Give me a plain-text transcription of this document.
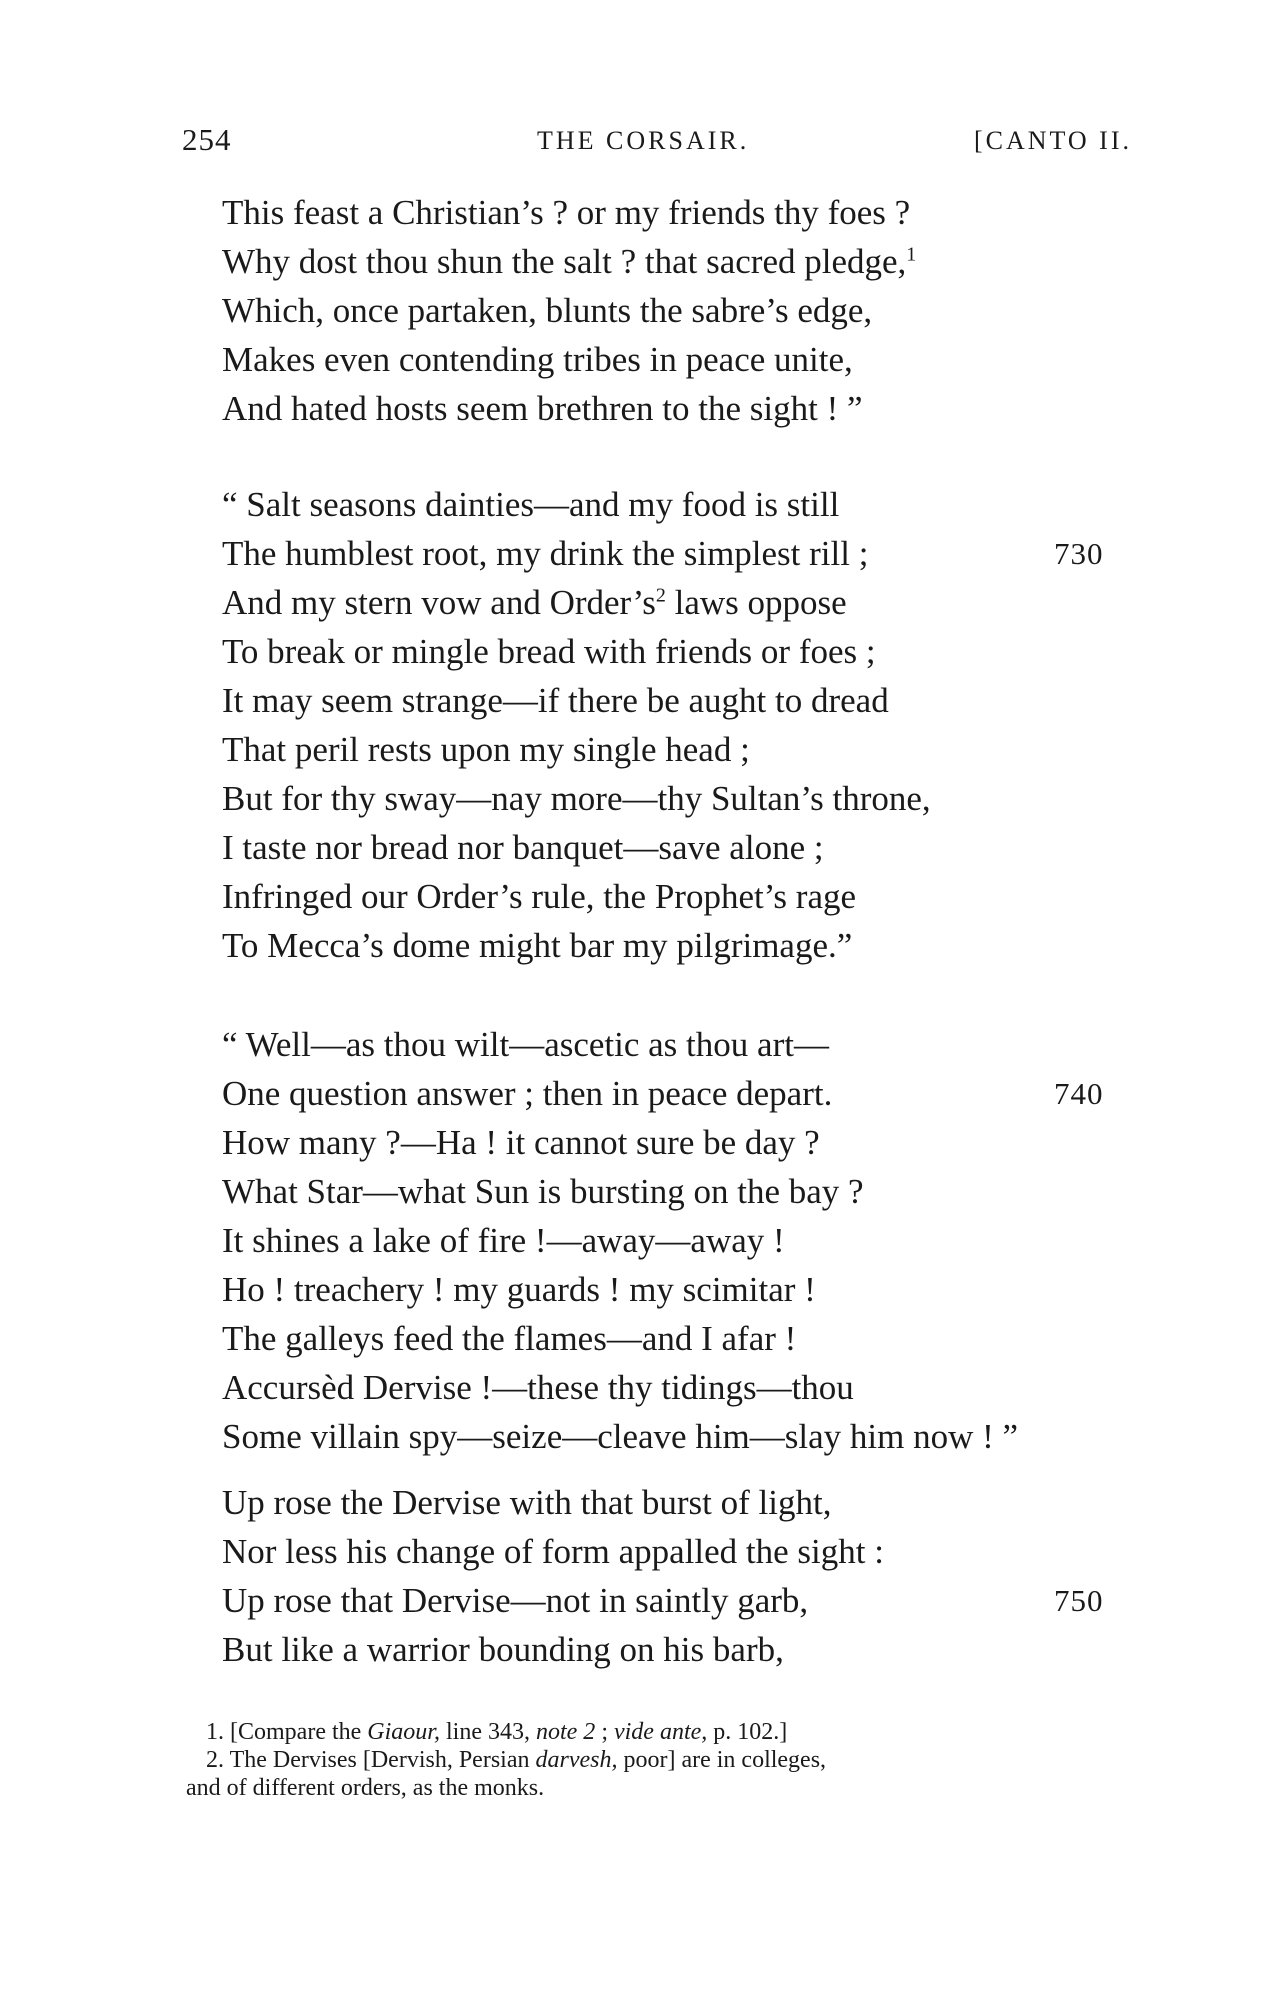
254	THE CORSAIR.	[CANTO II.
This feast a Christian’s ? or my friends thy foes ?
Why dost thou shun the salt ? that sacred pledge,$^1$
Which, once partaken, blunts the sabre’s edge,
Makes even contending tribes in peace unite,
And hated hosts seem brethren to the sight ! ”
“ Salt seasons dainties—and my food is still
The humblest root, my drink the simplest rill ;	730
And my stern vow and $Order’s^2$ laws oppose
To break or mingle bread with friends or foes ;
It may seem strange—if there be aught to dread
That peril rests upon my single head ;
But for thy sway—nay more—thy Sultan’s throne,
I taste nor bread nor banquet—save alone ;
Infringed our Order’s rule, the Prophet’s rage
To Mecca’s dome might bar my pilgrimage.”
“ Well—as thou wilt—ascetic as thou art—
One question answer ; then in peace depart.	740
How many ?—Ha ! it cannot sure be day ?
What Star—what Sun is bursting on the bay ?
It shines a lake of fire !—away—away !
Ho ! treachery ! my guards ! my scimitar !
The galleys feed the flames—and I afar !
Accursèd Dervise !—these thy tidings—thou
Some villain spy—seize—cleave him—slay him now ! ”
Up rose the Dervise with that burst of light,
Nor less his change of form appalled the sight :
Up rose that Dervise—not in saintly garb,	750
But like a warrior bounding on his barb,
1. [Compare the Giaour, line 343, note 2 ; vide ante, p. 102.]
2. The Dervises [Dervish, Persian darvesh, poor] are in colleges,
and of different orders, as the monks.
